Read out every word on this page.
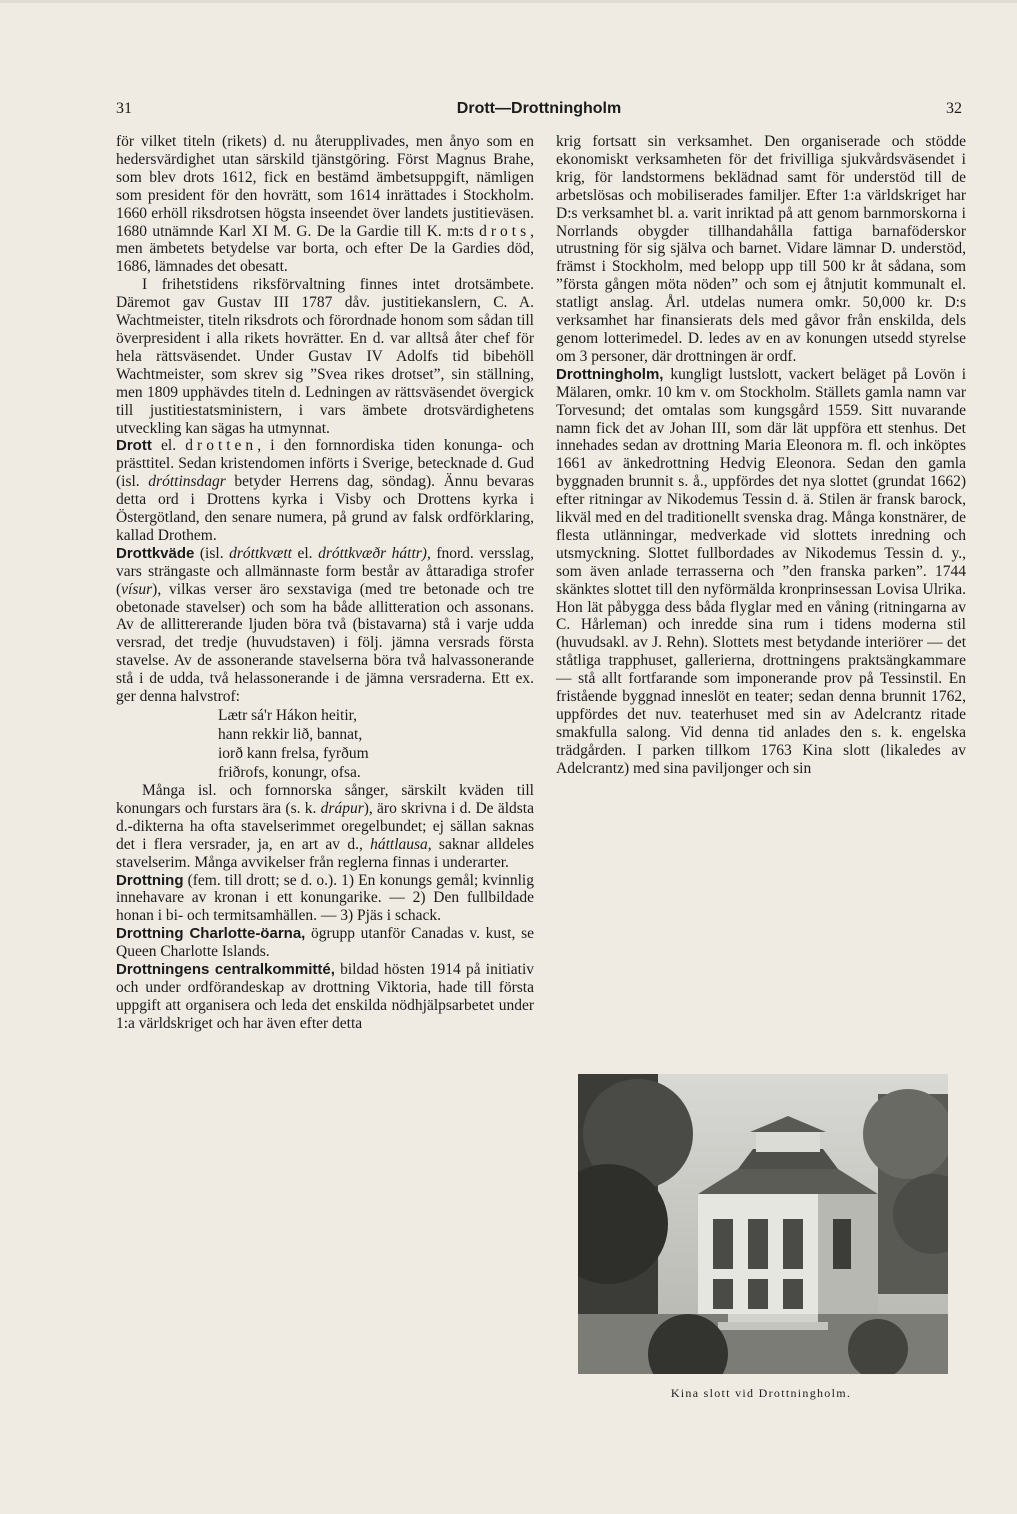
31	Drott—Drottningholm	32

för vilket titeln (rikets) d. nu återupplivades, men ånyo som en hedersvärdighet utan särskild tjänstgöring. Först Magnus Brahe, som blev drots 1612, fick en bestämd ämbetsuppgift, nämligen som president för den hovrätt, som 1614 inrättades i Stockholm. 1660 erhöll riksdrotsen högsta inseendet över landets justitieväsen. 1680 utnämnde Karl XI M. G. De la Gardie till K. m:ts drots, men ämbetets betydelse var borta, och efter De la Gardies död, 1686, lämnades det obesatt.

I frihetstidens riksförvaltning finnes intet drotsämbete. Däremot gav Gustav III 1787 dåv. justitiekanslern, C. A. Wachtmeister, titeln riksdrots och förordnade honom som sådan till överpresident i alla rikets hovrätter. En d. var alltså åter chef för hela rättsväsendet. Under Gustav IV Adolfs tid bibehöll Wachtmeister, som skrev sig ”Svea rikes drotset”, sin ställning, men 1809 upphävdes titeln d. Ledningen av rättsväsendet övergick till justitiestatsministern, i vars ämbete drotsvärdighetens utveckling kan sägas ha utmynnat.

Drott el. drotten, i den fornnordiska tiden konunga- och prästtitel. Sedan kristendomen införts i Sverige, betecknade d. Gud (isl. dróttinsdagr betyder Herrens dag, söndag). Ännu bevaras detta ord i Drottens kyrka i Visby och Drottens kyrka i Östergötland, den senare numera, på grund av falsk ordförklaring, kallad Drothem.

Drottkväde (isl. dróttkvætt el. dróttkvæðr háttr), fnord. versslag, vars strängaste och allmännaste form består av åttaradiga strofer (vísur), vilkas verser äro sexstaviga (med tre betonade och tre obetonade stavelser) och som ha både allitteration och assonans. Av de allittererande ljuden böra två (bistavarna) stå i varje udda versrad, det tredje (huvudstaven) i följ. jämna versrads första stavelse. Av de assonerande stavelserna böra två halvassonerande stå i de udda, två helassonerande i de jämna versraderna. Ett ex. ger denna halvstrof:

Lætr sá'r Hákon heitir,
hann rekkir lið, bannat,
iorð kann frelsa, fyrðum
friðrofs, konungr, ofsa.

Många isl. och fornnorska sånger, särskilt kväden till konungars och furstars ära (s. k. drápur), äro skrivna i d. De äldsta d.-dikterna ha ofta stavelserimmet oregelbundet; ej sällan saknas det i flera versrader, ja, en art av d., háttlausa, saknar alldeles stavelserim. Många avvikelser från reglerna finnas i underarter.

Drottning (fem. till drott; se d. o.). 1) En konungs gemål; kvinnlig innehavare av kronan i ett konungarike. — 2) Den fullbildade honan i bi- och termitsamhällen. — 3) Pjäs i schack.

Drottning Charlotte-öarna, ögrupp utanför Canadas v. kust, se Queen Charlotte Islands.

Drottningens centralkommitté, bildad hösten 1914 på initiativ och under ordförandeskap av drottning Viktoria, hade till första uppgift att organisera och leda det enskilda nödhjälpsarbetet under 1:a världskriget och har även efter detta

krig fortsatt sin verksamhet. Den organiserade och stödde ekonomiskt verksamheten för det frivilliga sjukvårdsväsendet i krig, för landstormens beklädnad samt för understöd till de arbetslösas och mobiliserades familjer. Efter 1:a världskriget har D:s verksamhet bl. a. varit inriktad på att genom barnmorskorna i Norrlands obygder tillhandahålla fattiga barnaföderskor utrustning för sig själva och barnet. Vidare lämnar D. understöd, främst i Stockholm, med belopp upp till 500 kr åt sådana, som ”första gången möta nöden” och som ej åtnjutit kommunalt el. statligt anslag. Årl. utdelas numera omkr. 50,000 kr. D:s verksamhet har finansierats dels med gåvor från enskilda, dels genom lotterimedel. D. ledes av en av konungen utsedd styrelse om 3 personer, där drottningen är ordf.

Drottningholm, kungligt lustslott, vackert beläget på Lovön i Mälaren, omkr. 10 km v. om Stockholm. Ställets gamla namn var Torvesund; det omtalas som kungsgård 1559. Sitt nuvarande namn fick det av Johan III, som där lät uppföra ett stenhus. Det innehades sedan av drottning Maria Eleonora m. fl. och inköptes 1661 av änkedrottning Hedvig Eleonora. Sedan den gamla byggnaden brunnit s. å., uppfördes det nya slottet (grundat 1662) efter ritningar av Nikodemus Tessin d. ä. Stilen är fransk barock, likväl med en del traditionellt svenska drag. Många konstnärer, de flesta utlänningar, medverkade vid slottets inredning och utsmyckning. Slottet fullbordades av Nikodemus Tessin d. y., som även anlade terrasserna och ”den franska parken”. 1744 skänktes slottet till den nyförmälda kronprinsessan Lovisa Ulrika. Hon lät påbygga dess båda flyglar med en våning (ritningarna av C. Hårleman) och inredde sina rum i tidens moderna stil (huvudsakl. av J. Rehn). Slottets mest betydande interiörer — det ståtliga trapphuset, gallerierna, drottningens praktsängkammare — stå allt fortfarande som imponerande prov på Tessinstil. En fristående byggnad inneslöt en teater; sedan denna brunnit 1762, uppfördes det nuv. teaterhuset med sin av Adelcrantz ritade smakfulla salong. Vid denna tid anlades den s. k. engelska trädgården. I parken tillkom 1763 Kina slott (likaledes av Adelcrantz) med sina paviljonger och sin

Kina slott vid Drottningholm.
